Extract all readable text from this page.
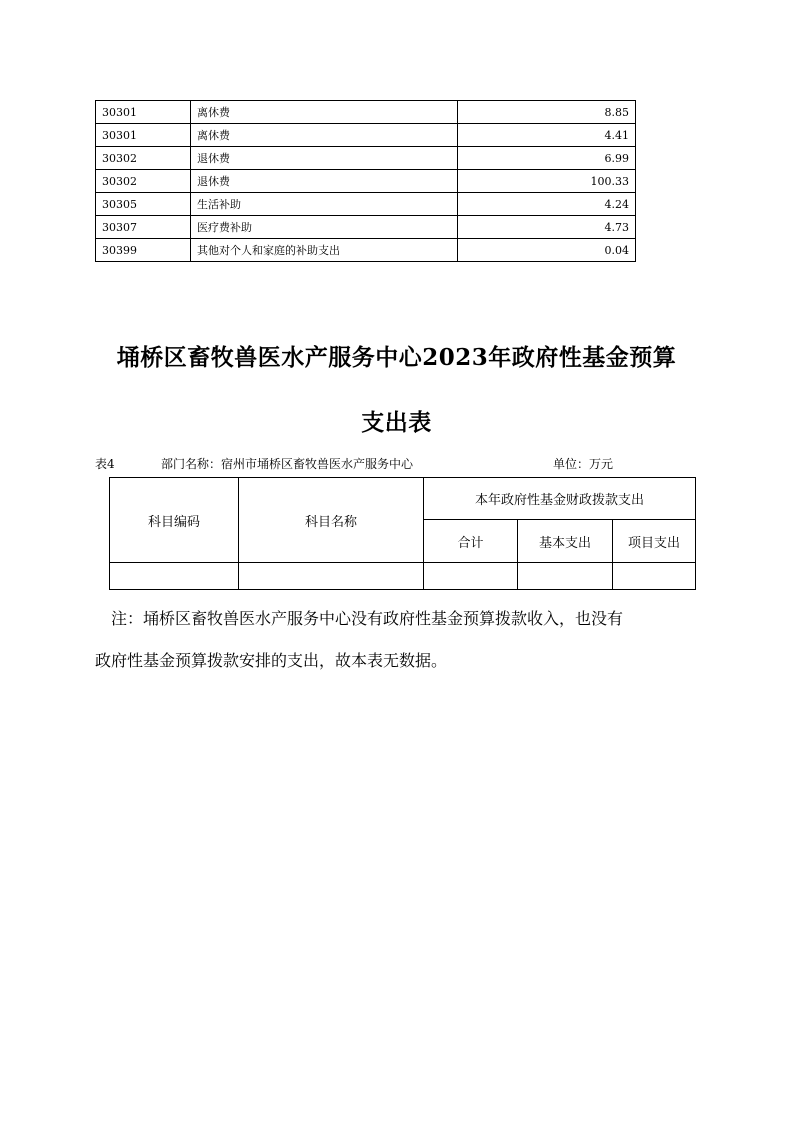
30301	离休费	8.85
30301	离休费	4.41
30302	退休费	6.99
30302	退休费	100.33
30305	生活补助	4.24
30307	医疗费补助	4.73
30399	其他对个人和家庭的补助支出	0.04
埇桥区畜牧兽医水产服务中心2023年政府性基金预算
支出表
表4	部门名称：宿州市埇桥区畜牧兽医水产服务中心	单位：万元
科目编码	科目名称	本年政府性基金财政拨款支出		
		合计	基本支出	项目支出

注：埇桥区畜牧兽医水产服务中心没有政府性基金预算拨款收入，也没有
政府性基金预算拨款安排的支出，故本表无数据。
